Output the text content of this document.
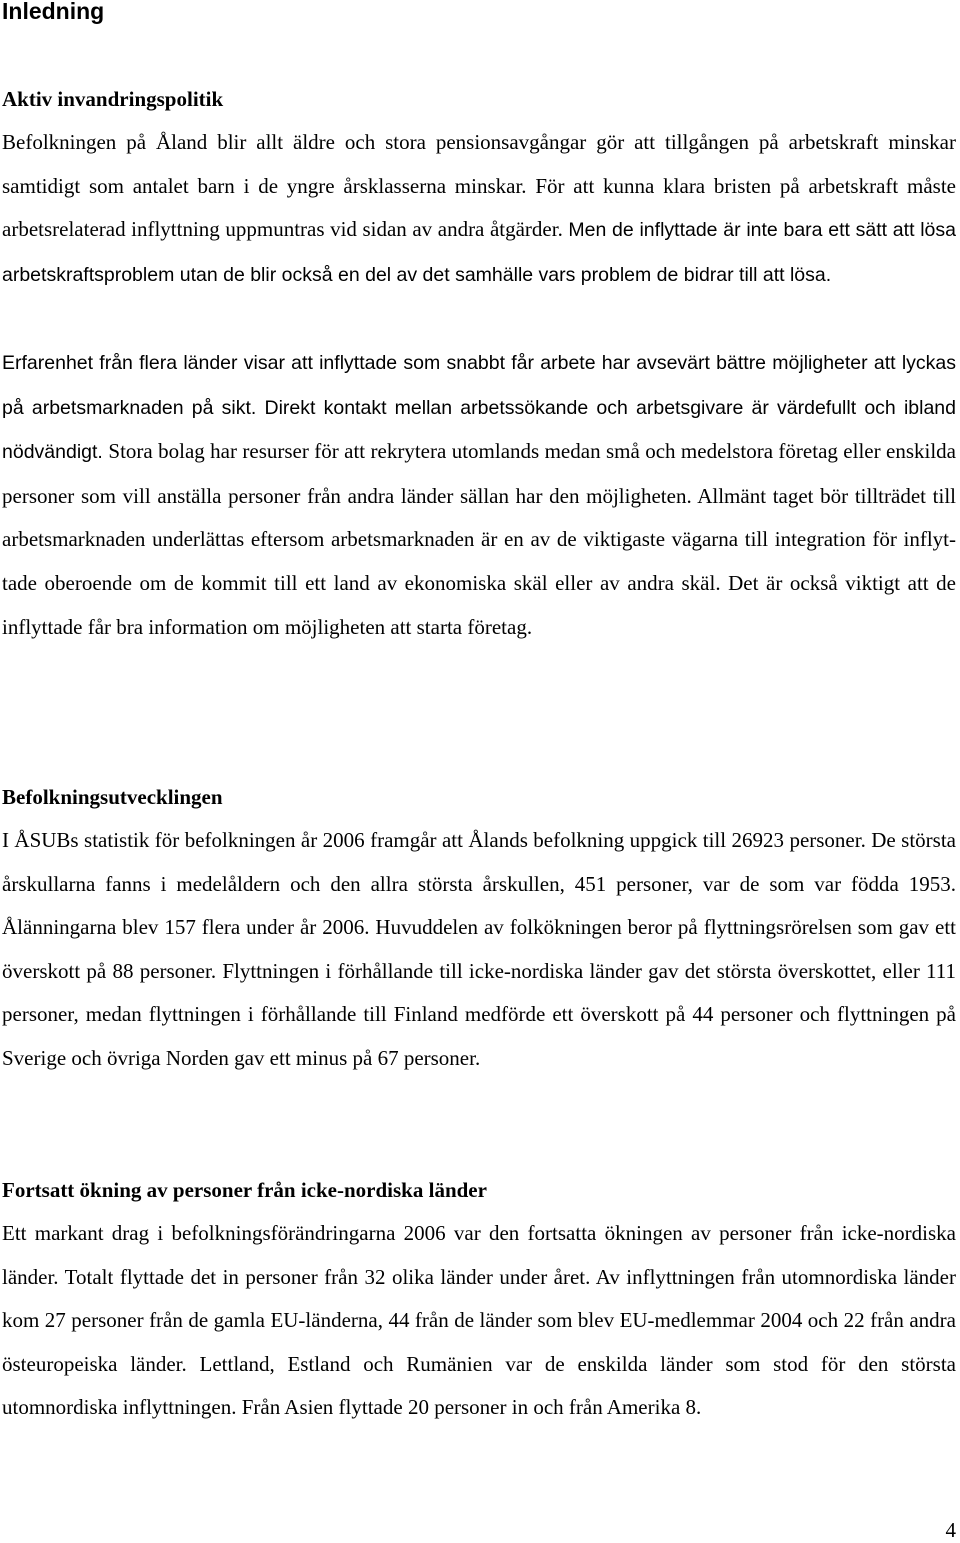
Inledning
Aktiv invandringspolitik

Befolkningen på Åland blir allt äldre och stora pensionsavgångar gör att tillgången på arbetskraft minskar samtidigt som antalet barn i de yngre årsklasserna minskar. För att kunna klara bristen på arbetskraft måste arbetsrelaterad inflyttning uppmuntras vid sidan av andra åtgärder. Men de inflyttade är inte bara ett sätt att lösa arbetskraftsproblem utan de blir också en del av det samhälle vars problem de bidrar till att lösa.

Erfarenhet från flera länder visar att inflyttade som snabbt får arbete har avsevärt bättre möjligheter att lyckas på arbetsmarknaden på sikt. Direkt kontakt mellan arbetssökande och arbetsgivare är värdefullt och ibland nödvändigt. Stora bolag har resurser för att rekrytera utomlands medan små och medelstora företag eller enskilda personer som vill anställa personer från andra länder sällan har den möjligheten. Allmänt taget bör tillträdet till arbetsmarknaden underlättas eftersom arbetsmarknaden är en av de viktigaste vägarna till integration för inflyttade oberoende om de kommit till ett land av ekonomiska skäl eller av andra skäl. Det är också viktigt att de inflyttade får bra information om möjligheten att starta företag.

Befolkningsutvecklingen

I ÅSUBs statistik för befolkningen år 2006 framgår att Ålands befolkning uppgick till 26923 personer. De största årskullarna fanns i medelåldern och den allra största årskullen, 451 personer, var de som var födda 1953. Ålänningarna blev 157 flera under år 2006. Huvuddelen av folkökningen beror på flyttningsrörelsen som gav ett överskott på 88 personer. Flyttningen i förhållande till icke-nordiska länder gav det största överskottet, eller 111 personer, medan flyttningen i förhållande till Finland medförde ett överskott på 44 personer och flyttningen på Sverige och övriga Norden gav ett minus på 67 personer.

Fortsatt ökning av personer från icke-nordiska länder

Ett markant drag i befolkningsförändringarna 2006 var den fortsatta ökningen av personer från icke-nordiska länder. Totalt flyttade det in personer från 32 olika länder under året. Av inflyttningen från utomnordiska länder kom 27 personer från de gamla EU-länderna, 44 från de länder som blev EU-medlemmar 2004 och 22 från andra östeuropeiska länder. Lettland, Estland och Rumänien var de enskilda länder som stod för den största utomnordiska inflyttningen. Från Asien flyttade 20 personer in och från Amerika 8.

4
